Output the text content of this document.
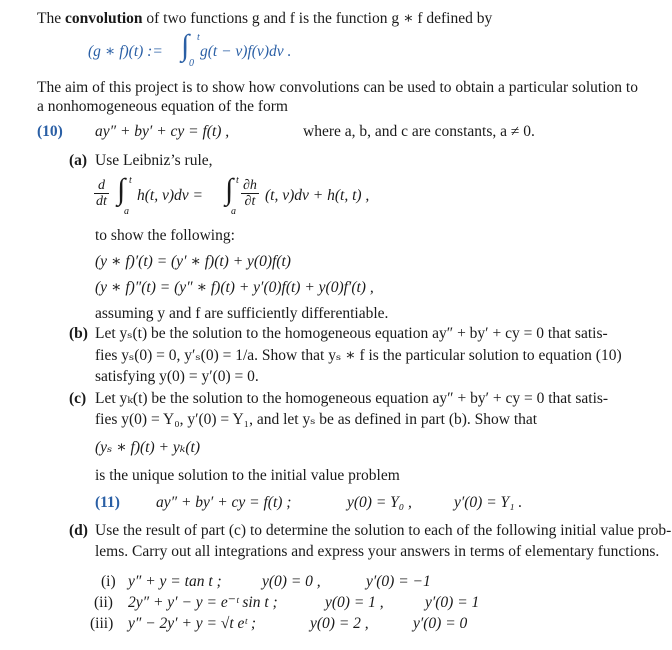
The convolution of two functions g and f is the function g ∗ f defined by
(g ∗ f)(t) := ∫ t
0
g(t − v)f(v)dv .
The aim of this project is to show how convolutions can be used to obtain a particular solution to
a nonhomogeneous equation of the form
(10) ay″ + by′ + cy = f(t) ,	where a, b, and c are constants, a ≠ 0.
(a) Use Leibniz’s rule,
$\frac{d}{dt}$ ∫ t
a
h(t, v)dv = ∫ t
a
$\frac{\partial h}{\partial t} (t$, v)dv + h(t, t) ,
to show the following:
(y ∗ f)′(t) = (y′ ∗ f)(t) + y(0)f(t)
(y ∗ f)″(t) = (y″ ∗ f)(t) + y′(0)f(t) + y(0)f′(t) ,
assuming y and f are sufficiently differentiable.
(b) Let yₛ(t) be the solution to the homogeneous equation ay″ + by′ + cy = 0 that satis-
fies yₛ(0) = 0, y′ₛ(0) = 1/a. Show that yₛ ∗ f is the particular solution to equation (10)
satisfying y(0) = y′(0) = 0.
(c) Let yₖ(t) be the solution to the homogeneous equation ay″ + by′ + cy = 0 that satis-
fies y(0) = Y₀, y′(0) = Y₁, and let yₛ be as defined in part (b). Show that
(yₛ ∗ f)(t) + yₖ(t)
is the unique solution to the initial value problem
(11) ay″ + by′ + cy = f(t) ;	y(0) = Y₀ ,	y′(0) = Y₁ .
(d) Use the result of part (c) to determine the solution to each of the following initial value prob-
lems. Carry out all integrations and express your answers in terms of elementary functions.
(i) y″ + y = tan t ;	y(0) = 0 ,	y′(0) = −1
(ii) 2y″ + y′ − y = e⁻ᵗ sin t ;	y(0) = 1 ,	y′(0) = 1
(iii) y″ − 2y′ + y = √t eᵗ ;	y(0) = 2 ,	y′(0) = 0
